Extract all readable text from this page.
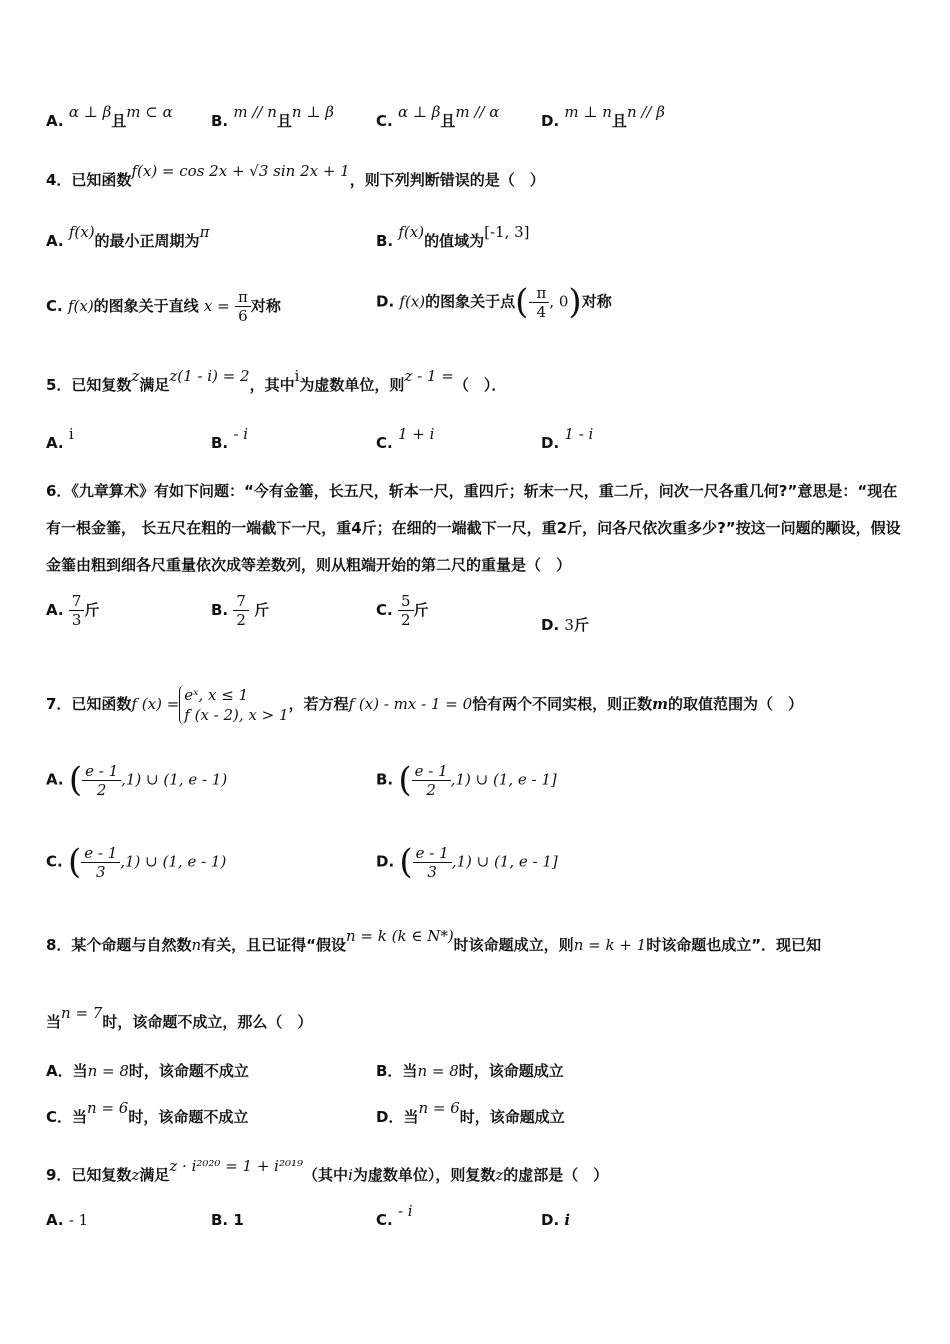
A. α ⊥ β且m ⊂ α	B. m // n且n ⊥ β	C. α ⊥ β且m // α	D. m ⊥ n且n // β
4．已知函数f(x) = cos 2x + √3 sin 2x + 1，则下列判断错误的是（　）
A. f(x)的最小正周期为π	B. f(x)的值域为[-1, 3]
C. f(x)的图象关于直线 $x = \frac{\pi}{6}$ 对称	D. f(x)的图象关于点(- $\frac{\pi}{4}$ , 0)对称
5．已知复数z满足z(1 - i) = 2，其中i为虚数单位，则z - 1 =（　）．
A. i	B. - i	C. 1 + i	D. 1 - i
6．《九章算术》有如下问题：“今有金箠，长五尺，斩本一尺，重四斤；斩末一尺，重二斤，问次一尺各重几何?”意思是：“现在有一根金箠， 长五尺在粗的一端截下一尺，重4斤；在细的一端截下一尺，重2斤，问各尺依次重多少?”按这一问题的颙设，假设金箠由粗到细各尺重量依次成等差数列，则从粗端开始的第二尺的重量是（　）
A. $\frac{7}{3}$ 斤	B. $\frac{7}{2}$ 斤	C. $\frac{5}{2}$ 斤
D. 3斤
7．已知函数f (x) =
eˣ, x ≤ 1
f (x - 2), x > 1
，若方程f (x) - mx - 1 = 0恰有两个不同实根，则正数m的取值范围为（　）
A. ( $\frac{e - 1}{2} ,1$) ∪ (1, e - 1)	B. ( $\frac{e - 1}{2} ,1$) ∪ (1, e - 1]
C. ( $\frac{e - 1}{3} ,1$) ∪ (1, e - 1)	D. ( $\frac{e - 1}{3} ,1$) ∪ (1, e - 1]
8．某个命题与自然数n有关，且已证得“假设n = k (k ∈ N*)时该命题成立，则n = k + 1时该命题也成立”．现已知
当n = 7时，该命题不成立，那么（　）
A．当n = 8时，该命题不成立	B．当n = 8时，该命题成立
C．当n = 6时，该命题不成立	D．当n = 6时，该命题成立
9．已知复数z满足z · i²⁰²⁰ = 1 + i²⁰¹⁹（其中i为虚数单位），则复数z的虚部是（　）
A. - 1	B. 1	C. - i	D. i
